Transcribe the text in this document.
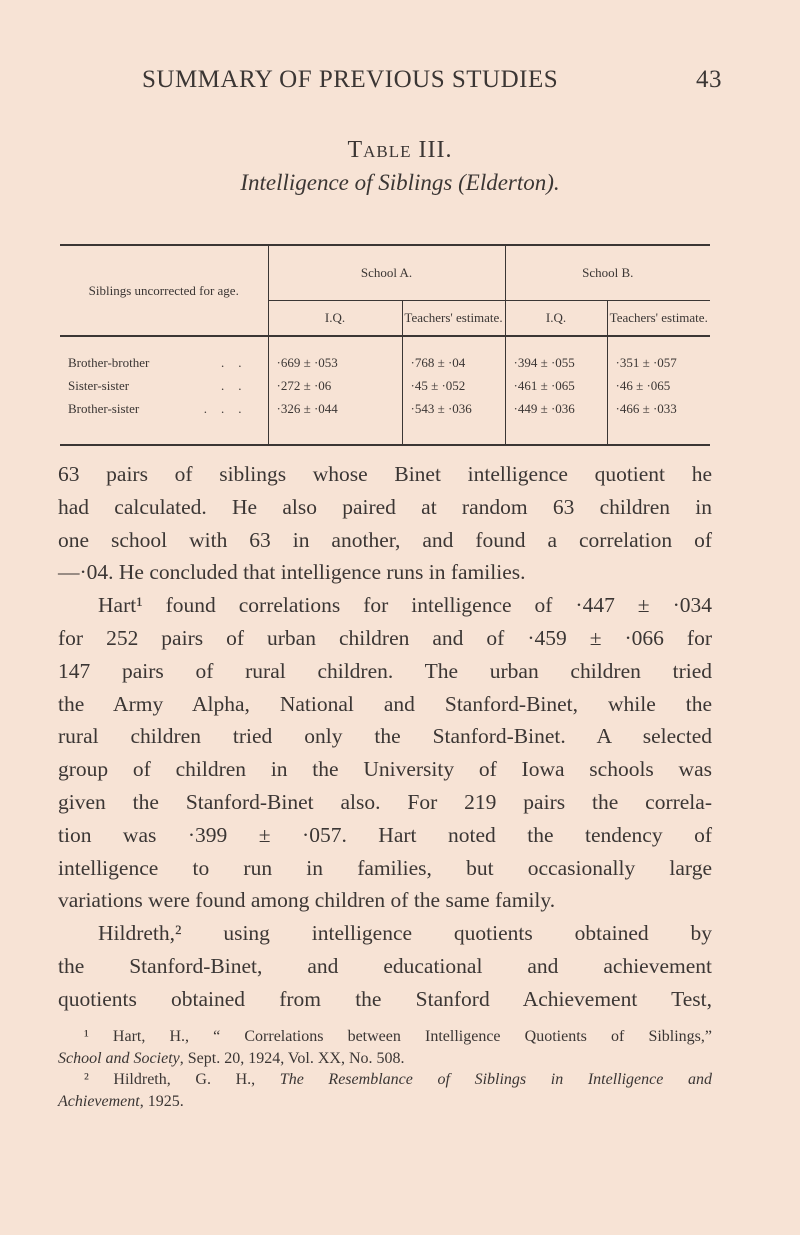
SUMMARY OF PREVIOUS STUDIES	43
Table III.
Intelligence of Siblings (Elderton).
Siblings uncorrected for age.	School A.		School B.	
	I.Q.	Teachers' estimate.	I.Q.	Teachers' estimate.
Brother-brother ..	·669 ± ·053	·768 ± ·04	·394 ± ·055	·351 ± ·057
Sister-sister ..	·272 ± ·06	·45 ± ·052	·461 ± ·065	·46 ± ·065
Brother-sister ...	·326 ± ·044	·543 ± ·036	·449 ± ·036	·466 ± ·033
63 pairs of siblings whose Binet intelligence quotient he
had calculated. He also paired at random 63 children in
one school with 63 in another, and found a correlation of
—·04. He concluded that intelligence runs in families.
Hart¹ found correlations for intelligence of ·447 ± ·034
for 252 pairs of urban children and of ·459 ± ·066 for
147 pairs of rural children. The urban children tried
the Army Alpha, National and Stanford-Binet, while the
rural children tried only the Stanford-Binet. A selected
group of children in the University of Iowa schools was
given the Stanford-Binet also. For 219 pairs the correla-
tion was ·399 ± ·057. Hart noted the tendency of
intelligence to run in families, but occasionally large
variations were found among children of the same family.
Hildreth,² using intelligence quotients obtained by
the Stanford-Binet, and educational and achievement
quotients obtained from the Stanford Achievement Test,
¹ Hart, H., “ Correlations between Intelligence Quotients of Siblings,”
School and Society, Sept. 20, 1924, Vol. XX, No. 508.
² Hildreth, G. H., The Resemblance of Siblings in Intelligence and
Achievement, 1925.
